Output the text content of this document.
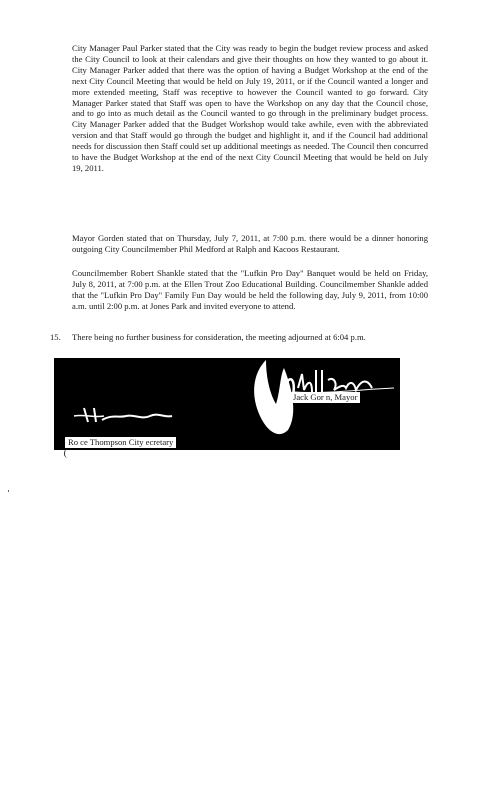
City Manager Paul Parker stated that the City was ready to begin the budget review process and asked the City Council to look at their calendars and give their thoughts on how they wanted to go about it. City Manager Parker added that there was the option of having a Budget Workshop at the end of the next City Council Meeting that would be held on July 19, 2011, or if the Council wanted a longer and more extended meeting, Staff was receptive to however the Council wanted to go forward. City Manager Parker stated that Staff was open to have the Workshop on any day that the Council chose, and to go into as much detail as the Council wanted to go through in the preliminary budget process. City Manager Parker added that the Budget Workshop would take awhile, even with the abbreviated version and that Staff would go through the budget and highlight it, and if the Council had additional needs for discussion then Staff could set up additional meetings as needed. The Council then concurred to have the Budget Workshop at the end of the next City Council Meeting that would be held on July 19, 2011.

Mayor Gorden stated that on Thursday, July 7, 2011, at 7:00 p.m. there would be a dinner honoring outgoing City Councilmember Phil Medford at Ralph and Kacoos Restaurant.

Councilmember Robert Shankle stated that the "Lufkin Pro Day" Banquet would be held on Friday, July 8, 2011, at 7:00 p.m. at the Ellen Trout Zoo Educational Building. Councilmember Shankle added that the "Lufkin Pro Day" Family Fun Day would be held the following day, July 9, 2011, from 10:00 a.m. until 2:00 p.m. at Jones Park and invited everyone to attend.

15. There being no further business for consideration, the meeting adjourned at 6:04 p.m.

Jack Gor n, Mayor
Ro ce Thompson City ecretary
